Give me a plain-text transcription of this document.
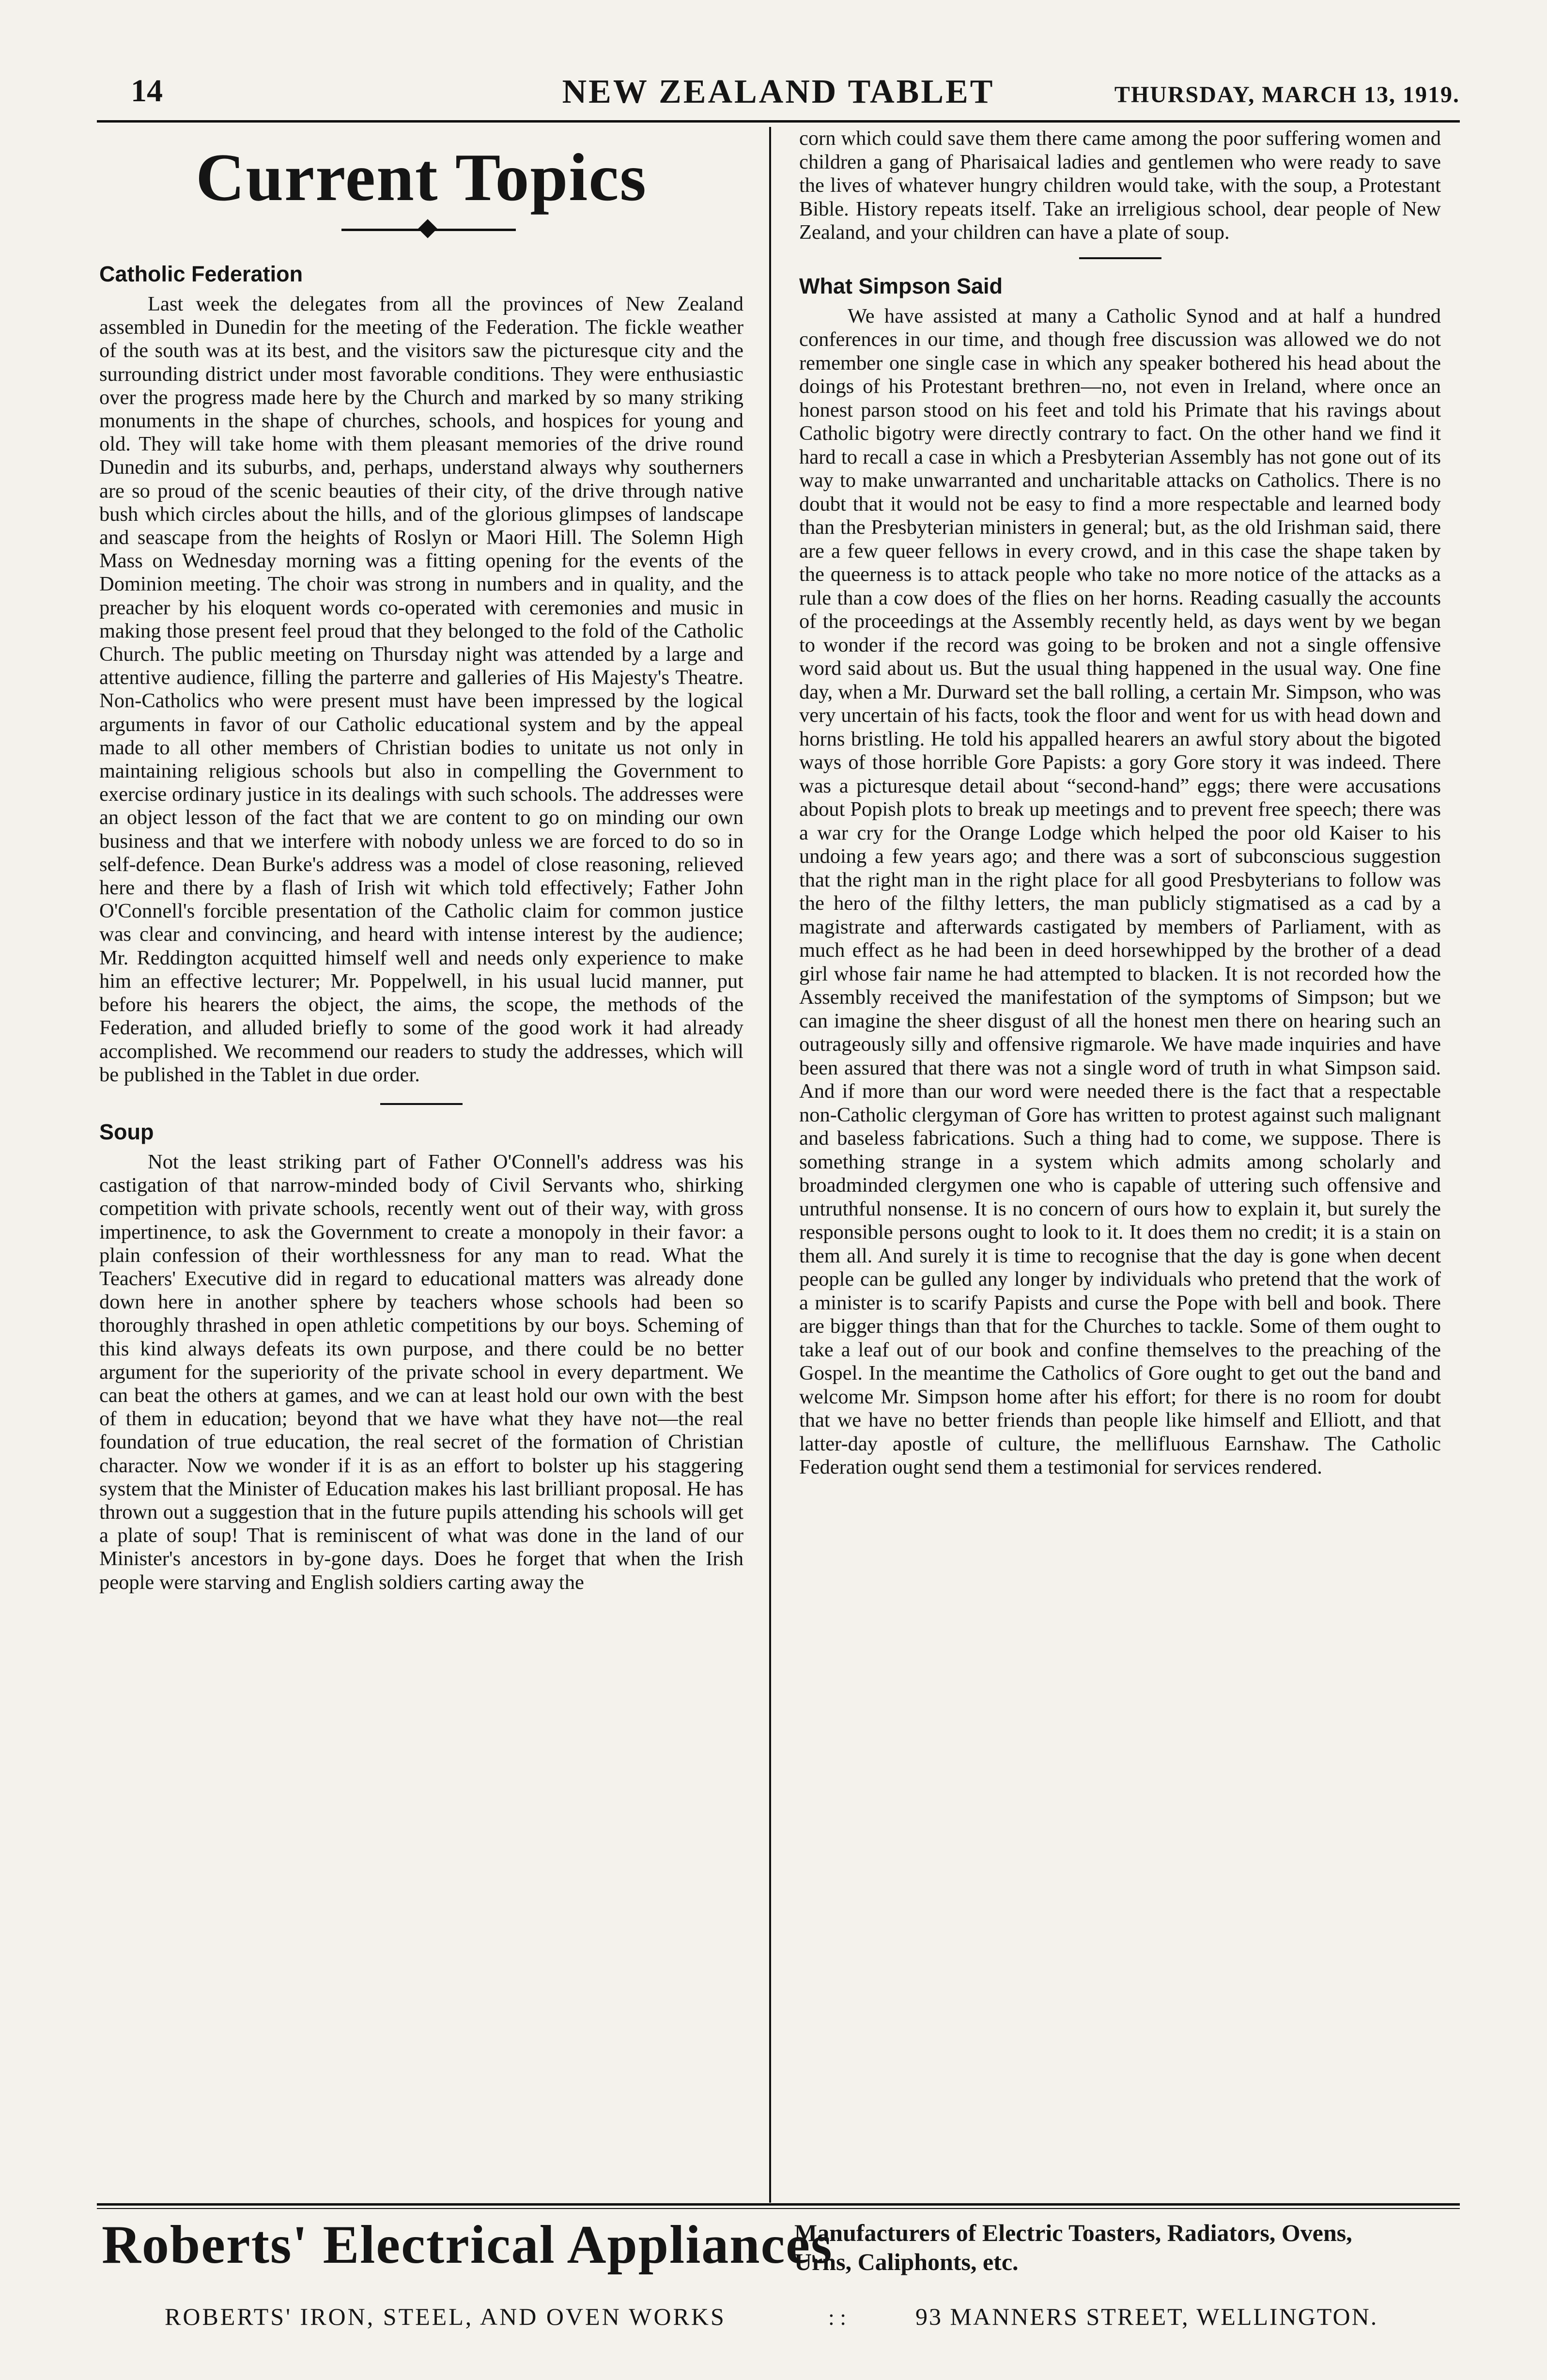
14	NEW ZEALAND TABLET	THURSDAY, MARCH 13, 1919.
Current Topics
Catholic Federation

Last week the delegates from all the provinces of New Zealand assembled in Dunedin for the meeting of the Federation. The fickle weather of the south was at its best, and the visitors saw the picturesque city and the surrounding district under most favorable conditions. They were enthusiastic over the progress made here by the Church and marked by so many striking monuments in the shape of churches, schools, and hospices for young and old. They will take home with them pleasant memories of the drive round Dunedin and its suburbs, and, perhaps, understand always why southerners are so proud of the scenic beauties of their city, of the drive through native bush which circles about the hills, and of the glorious glimpses of landscape and seascape from the heights of Roslyn or Maori Hill. The Solemn High Mass on Wednesday morning was a fitting opening for the events of the Dominion meeting. The choir was strong in numbers and in quality, and the preacher by his eloquent words co-operated with ceremonies and music in making those present feel proud that they belonged to the fold of the Catholic Church. The public meeting on Thursday night was attended by a large and attentive audience, filling the parterre and galleries of His Majesty's Theatre. Non-Catholics who were present must have been impressed by the logical arguments in favor of our Catholic educational system and by the appeal made to all other members of Christian bodies to unitate us not only in maintaining religious schools but also in compelling the Government to exercise ordinary justice in its dealings with such schools. The addresses were an object lesson of the fact that we are content to go on minding our own business and that we interfere with nobody unless we are forced to do so in self-defence. Dean Burke's address was a model of close reasoning, relieved here and there by a flash of Irish wit which told effectively; Father John O'Connell's forcible presentation of the Catholic claim for common justice was clear and convincing, and heard with intense interest by the audience; Mr. Reddington acquitted himself well and needs only experience to make him an effective lecturer; Mr. Poppelwell, in his usual lucid manner, put before his hearers the object, the aims, the scope, the methods of the Federation, and alluded briefly to some of the good work it had already accomplished. We recommend our readers to study the addresses, which will be published in the Tablet in due order.

Soup

Not the least striking part of Father O'Connell's address was his castigation of that narrow-minded body of Civil Servants who, shirking competition with private schools, recently went out of their way, with gross impertinence, to ask the Government to create a monopoly in their favor: a plain confession of their worthlessness for any man to read. What the Teachers' Executive did in regard to educational matters was already done down here in another sphere by teachers whose schools had been so thoroughly thrashed in open athletic competitions by our boys. Scheming of this kind always defeats its own purpose, and there could be no better argument for the superiority of the private school in every department. We can beat the others at games, and we can at least hold our own with the best of them in education; beyond that we have what they have not—the real foundation of true education, the real secret of the formation of Christian character. Now we wonder if it is as an effort to bolster up his staggering system that the Minister of Education makes his last brilliant proposal. He has thrown out a suggestion that in the future pupils attending his schools will get a plate of soup! That is reminiscent of what was done in the land of our Minister's ancestors in by-gone days. Does he forget that when the Irish people were starving and English soldiers carting away the

corn which could save them there came among the poor suffering women and children a gang of Pharisaical ladies and gentlemen who were ready to save the lives of whatever hungry children would take, with the soup, a Protestant Bible. History repeats itself. Take an irreligious school, dear people of New Zealand, and your children can have a plate of soup.

What Simpson Said

We have assisted at many a Catholic Synod and at half a hundred conferences in our time, and though free discussion was allowed we do not remember one single case in which any speaker bothered his head about the doings of his Protestant brethren—no, not even in Ireland, where once an honest parson stood on his feet and told his Primate that his ravings about Catholic bigotry were directly contrary to fact. On the other hand we find it hard to recall a case in which a Presbyterian Assembly has not gone out of its way to make unwarranted and uncharitable attacks on Catholics. There is no doubt that it would not be easy to find a more respectable and learned body than the Presbyterian ministers in general; but, as the old Irishman said, there are a few queer fellows in every crowd, and in this case the shape taken by the queerness is to attack people who take no more notice of the attacks as a rule than a cow does of the flies on her horns. Reading casually the accounts of the proceedings at the Assembly recently held, as days went by we began to wonder if the record was going to be broken and not a single offensive word said about us. But the usual thing happened in the usual way. One fine day, when a Mr. Durward set the ball rolling, a certain Mr. Simpson, who was very uncertain of his facts, took the floor and went for us with head down and horns bristling. He told his appalled hearers an awful story about the bigoted ways of those horrible Gore Papists: a gory Gore story it was indeed. There was a picturesque detail about “second-hand” eggs; there were accusations about Popish plots to break up meetings and to prevent free speech; there was a war cry for the Orange Lodge which helped the poor old Kaiser to his undoing a few years ago; and there was a sort of subconscious suggestion that the right man in the right place for all good Presbyterians to follow was the hero of the filthy letters, the man publicly stigmatised as a cad by a magistrate and afterwards castigated by members of Parliament, with as much effect as he had been in deed horsewhipped by the brother of a dead girl whose fair name he had attempted to blacken. It is not recorded how the Assembly received the manifestation of the symptoms of Simpson; but we can imagine the sheer disgust of all the honest men there on hearing such an outrageously silly and offensive rigmarole. We have made inquiries and have been assured that there was not a single word of truth in what Simpson said. And if more than our word were needed there is the fact that a respectable non-Catholic clergyman of Gore has written to protest against such malignant and baseless fabrications. Such a thing had to come, we suppose. There is something strange in a system which admits among scholarly and broadminded clergymen one who is capable of uttering such offensive and untruthful nonsense. It is no concern of ours how to explain it, but surely the responsible persons ought to look to it. It does them no credit; it is a stain on them all. And surely it is time to recognise that the day is gone when decent people can be gulled any longer by individuals who pretend that the work of a minister is to scarify Papists and curse the Pope with bell and book. There are bigger things than that for the Churches to tackle. Some of them ought to take a leaf out of our book and confine themselves to the preaching of the Gospel. In the meantime the Catholics of Gore ought to get out the band and welcome Mr. Simpson home after his effort; for there is no room for doubt that we have no better friends than people like himself and Elliott, and that latter-day apostle of culture, the mellifluous Earnshaw. The Catholic Federation ought send them a testimonial for services rendered.

Roberts' Electrical Appliances
ROBERTS' IRON, STEEL, AND OVEN WORKS
Manufacturers of Electric Toasters, Radiators, Ovens,
Urns, Caliphonts, etc.
: :	93 MANNERS STREET, WELLINGTON.
